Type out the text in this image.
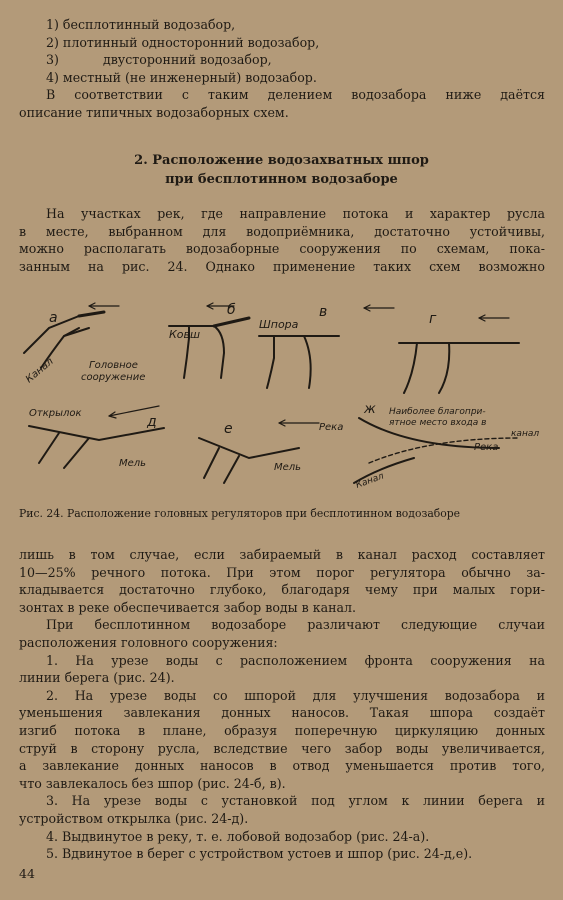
1) бесплотинный водозабор,
2) плотинный односторонний водозабор,
3)           двусторонний водозабор,
4) местный (не инженерный) водозабор.
В соответствии с таким делением водозабора ниже даётся
описание типичных водозаборных схем.
2. Расположение водозахватных шпор
при бесплотинном водозаборе
На участках рек, где направление потока и характер русла
в месте, выбранном для водоприёмника, достаточно устойчивы,
можно располагать водозаборные сооружения по схемам, пока-
занным на рис. 24. Однако применение таких схем возможно
а	б	в	г
Ковш
Шпора
Канал	Головное
сооружение
Открылок
д
Мель
е
Мель
Река
ж Наиболее благопри-
ятное место входа в
канал
Река
Канал
Рис. 24. Расположение головных регуляторов при бесплотинном водозаборе
лишь в том случае, если забираемый в канал расход составляет
10—25% речного потока. При этом порог регулятора обычно за-
кладывается достаточно глубоко, благодаря чему при малых гори-
зонтах в реке обеспечивается забор воды в канал.
При бесплотинном водозаборе различают следующие случаи
расположения головного сооружения:
1. На урезе воды с расположением фронта сооружения на
линии берега (рис. 24).
2. На урезе воды со шпорой для улучшения водозабора и
уменьшения завлекания донных наносов. Такая шпора создаёт
изгиб потока в плане, образуя поперечную циркуляцию донных
струй в сторону русла, вследствие чего забор воды увеличивается,
а завлекание донных наносов в отвод уменьшается против того,
что завлекалось без шпор (рис. 24-б, в).
3. На урезе воды с установкой под углом к линии берега и
устройством открылка (рис. 24-д).
4. Выдвинутое в реку, т. е. лобовой водозабор (рис. 24-а).
5. Вдвинутое в берег с устройством устоев и шпор (рис. 24-д,е).
44
